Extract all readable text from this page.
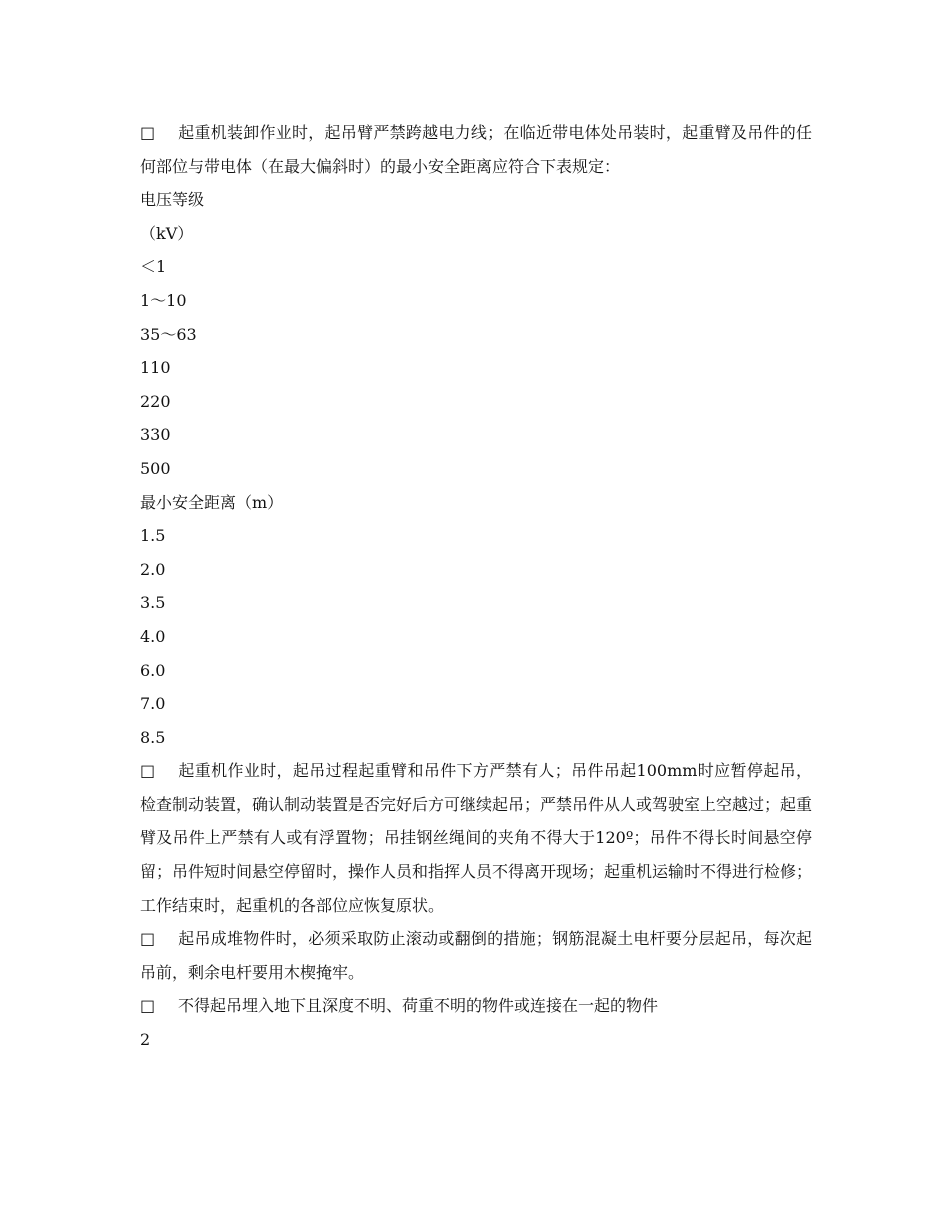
□ 起重机装卸作业时，起吊臂严禁跨越电力线；在临近带电体处吊装时，起重臂及吊件的任何部位与带电体（在最大偏斜时）的最小安全距离应符合下表规定：

电压等级
（kV）
＜1
1～10
35～63
110
220
330
500
最小安全距离（m）
1.5
2.0
3.5
4.0
6.0
7.0
8.5

□ 起重机作业时，起吊过程起重臂和吊件下方严禁有人；吊件吊起100mm时应暂停起吊，检查制动装置，确认制动装置是否完好后方可继续起吊；严禁吊件从人或驾驶室上空越过；起重臂及吊件上严禁有人或有浮置物；吊挂钢丝绳间的夹角不得大于120º；吊件不得长时间悬空停留；吊件短时间悬空停留时，操作人员和指挥人员不得离开现场；起重机运输时不得进行检修；工作结束时，起重机的各部位应恢复原状。

□ 起吊成堆物件时，必须采取防止滚动或翻倒的措施；钢筋混凝土电杆要分层起吊，每次起吊前，剩余电杆要用木楔掩牢。

□ 不得起吊埋入地下且深度不明、荷重不明的物件或连接在一起的物件

2
